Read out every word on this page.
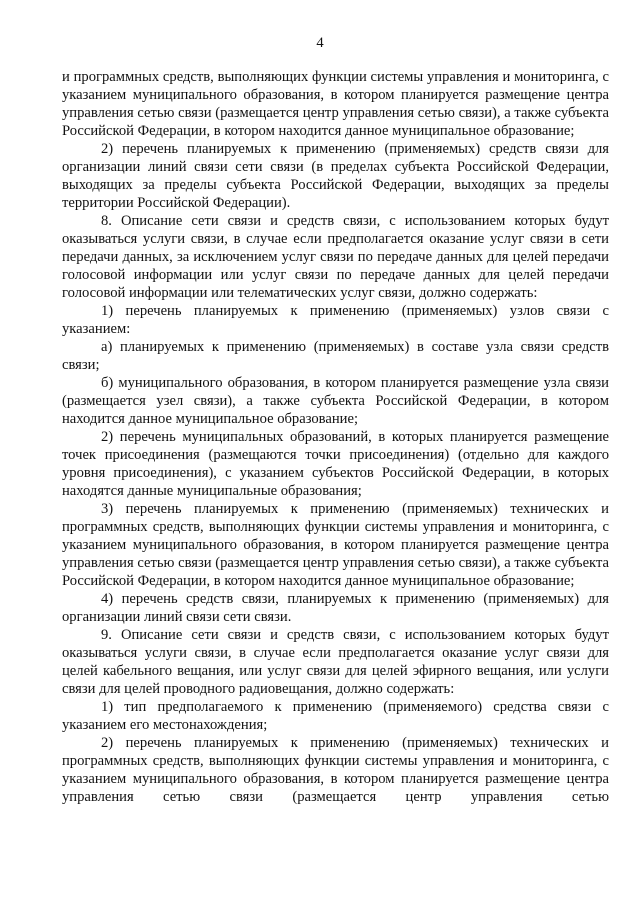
4

и программных средств, выполняющих функции системы управления и мониторинга, с указанием муниципального образования, в котором планируется размещение центра управления сетью связи (размещается центр управления сетью связи), а также субъекта Российской Федерации, в котором находится данное муниципальное образование;

2) перечень планируемых к применению (применяемых) средств связи для организации линий связи сети связи (в пределах субъекта Российской Федерации, выходящих за пределы субъекта Российской Федерации, выходящих за пределы территории Российской Федерации).

8. Описание сети связи и средств связи, с использованием которых будут оказываться услуги связи, в случае если предполагается оказание услуг связи в сети передачи данных, за исключением услуг связи по передаче данных для целей передачи голосовой информации или услуг связи по передаче данных для целей передачи голосовой информации или телематических услуг связи, должно содержать:

1) перечень планируемых к применению (применяемых) узлов связи с указанием:

а) планируемых к применению (применяемых) в составе узла связи средств связи;

б) муниципального образования, в котором планируется размещение узла связи (размещается узел связи), а также субъекта Российской Федерации, в котором находится данное муниципальное образование;

2) перечень муниципальных образований, в которых планируется размещение точек присоединения (размещаются точки присоединения) (отдельно для каждого уровня присоединения), с указанием субъектов Российской Федерации, в которых находятся данные муниципальные образования;

3) перечень планируемых к применению (применяемых) технических и программных средств, выполняющих функции системы управления и мониторинга, с указанием муниципального образования, в котором планируется размещение центра управления сетью связи (размещается центр управления сетью связи), а также субъекта Российской Федерации, в котором находится данное муниципальное образование;

4) перечень средств связи, планируемых к применению (применяемых) для организации линий связи сети связи.

9. Описание сети связи и средств связи, с использованием которых будут оказываться услуги связи, в случае если предполагается оказание услуг связи для целей кабельного вещания, или услуг связи для целей эфирного вещания, или услуги связи для целей проводного радиовещания, должно содержать:

1) тип предполагаемого к применению (применяемого) средства связи с указанием его местонахождения;

2) перечень планируемых к применению (применяемых) технических и программных средств, выполняющих функции системы управления и мониторинга, с указанием муниципального образования, в котором планируется размещение центра управления сетью связи (размещается центр управления сетью
